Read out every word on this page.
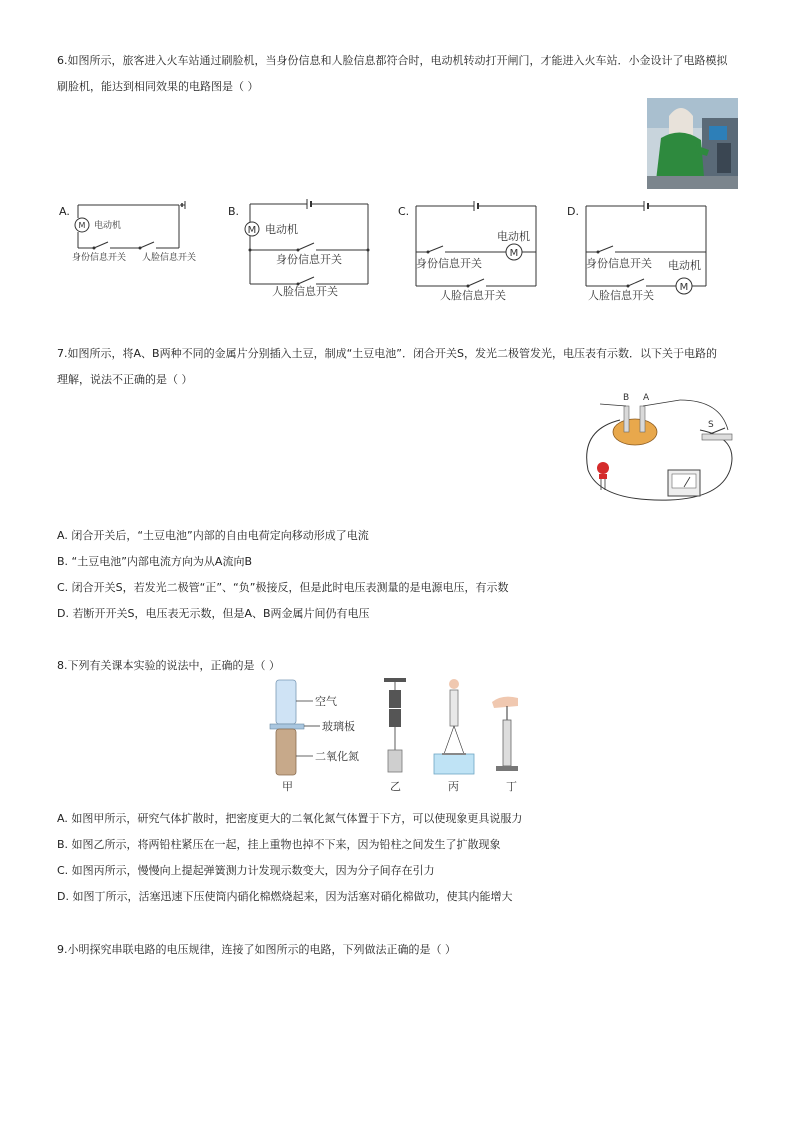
6.如图所示，旅客进入火车站通过刷脸机，当身份信息和人脸信息都符合时，电动机转动打开闸门，才能进入火车站．小金设计了电路模拟
刷脸机，能达到相同效果的电路图是（ ）
A.	B.	C.	D.
M 电动机
身份信息开关 人脸信息开关
M 电动机
身份信息开关
人脸信息开关
电动机
M
身份信息开关
人脸信息开关
身份信息开关 电动机
M
人脸信息开关
7.如图所示，将A、B两种不同的金属片分别插入土豆，制成“土豆电池”．闭合开关S，发光二极管发光，电压表有示数．以下关于电路的
理解，说法不正确的是（ ）
B A
S
A. 闭合开关后，“土豆电池”内部的自由电荷定向移动形成了电流
B. “土豆电池”内部电流方向为从A流向B
C. 闭合开关S，若发光二极管“正”、“负”极接反，但是此时电压表测量的是电源电压，有示数
D. 若断开开关S，电压表无示数，但是A、B两金属片间仍有电压
8.下列有关课本实验的说法中，正确的是（ ）
空气
玻璃板
二氧化氮
甲	乙	丙	丁
A. 如图甲所示，研究气体扩散时，把密度更大的二氧化氮气体置于下方，可以使现象更具说服力
B. 如图乙所示，将两铅柱紧压在一起，挂上重物也掉不下来，因为铅柱之间发生了扩散现象
C. 如图丙所示，慢慢向上提起弹簧测力计发现示数变大，因为分子间存在引力
D. 如图丁所示，活塞迅速下压使筒内硝化棉燃烧起来，因为活塞对硝化棉做功，使其内能增大
9.小明探究串联电路的电压规律，连接了如图所示的电路，下列做法正确的是（ ）
